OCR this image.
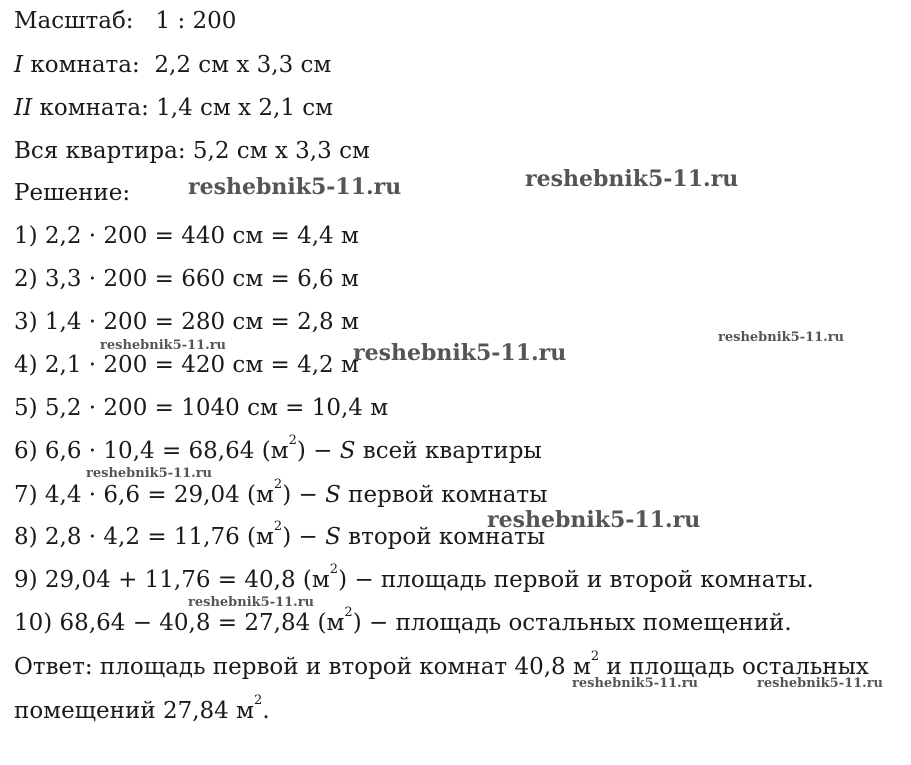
Масштаб: 1 : 200
I комната: 2,2 см х 3,3 см
II комната: 1,4 см х 2,1 см
Вся квартира: 5,2 см х 3,3 см
Решение:
1) 2,2 · 200 = 440 см = 4,4 м
2) 3,3 · 200 = 660 см = 6,6 м
3) 1,4 · 200 = 280 см = 2,8 м
4) 2,1 · 200 = 420 см = 4,2 м
5) 5,2 · 200 = 1040 см = 10,4 м
6) 6,6 · 10,4 = 68,64 $(м^2) - S$ всей квартиры
7) 4,4 · 6,6 = 29,04 $(м^2) - S$ первой комнаты
8) 2,8 · 4,2 = 11,76 $(м^2) - S$ второй комнаты
9) 29,04 + 11,76 = 40,8 $(м^2)$ − площадь первой и второй комнаты.
10) 68,64 − 40,8 = 27,84 $(м^2)$ − площадь остальных помещений.
Ответ: площадь первой и второй комнат 40,8 $м^2$ и площадь остальных
помещений 27,84 $м^2$.
reshebnik5-11.ru	reshebnik5-11.ru
reshebnik5-11.ru
reshebnik5-11.ru	reshebnik5-11.ru
reshebnik5-11.ru
reshebnik5-11.ru
reshebnik5-11.ru
reshebnik5-11.ru	reshebnik5-11.ru
